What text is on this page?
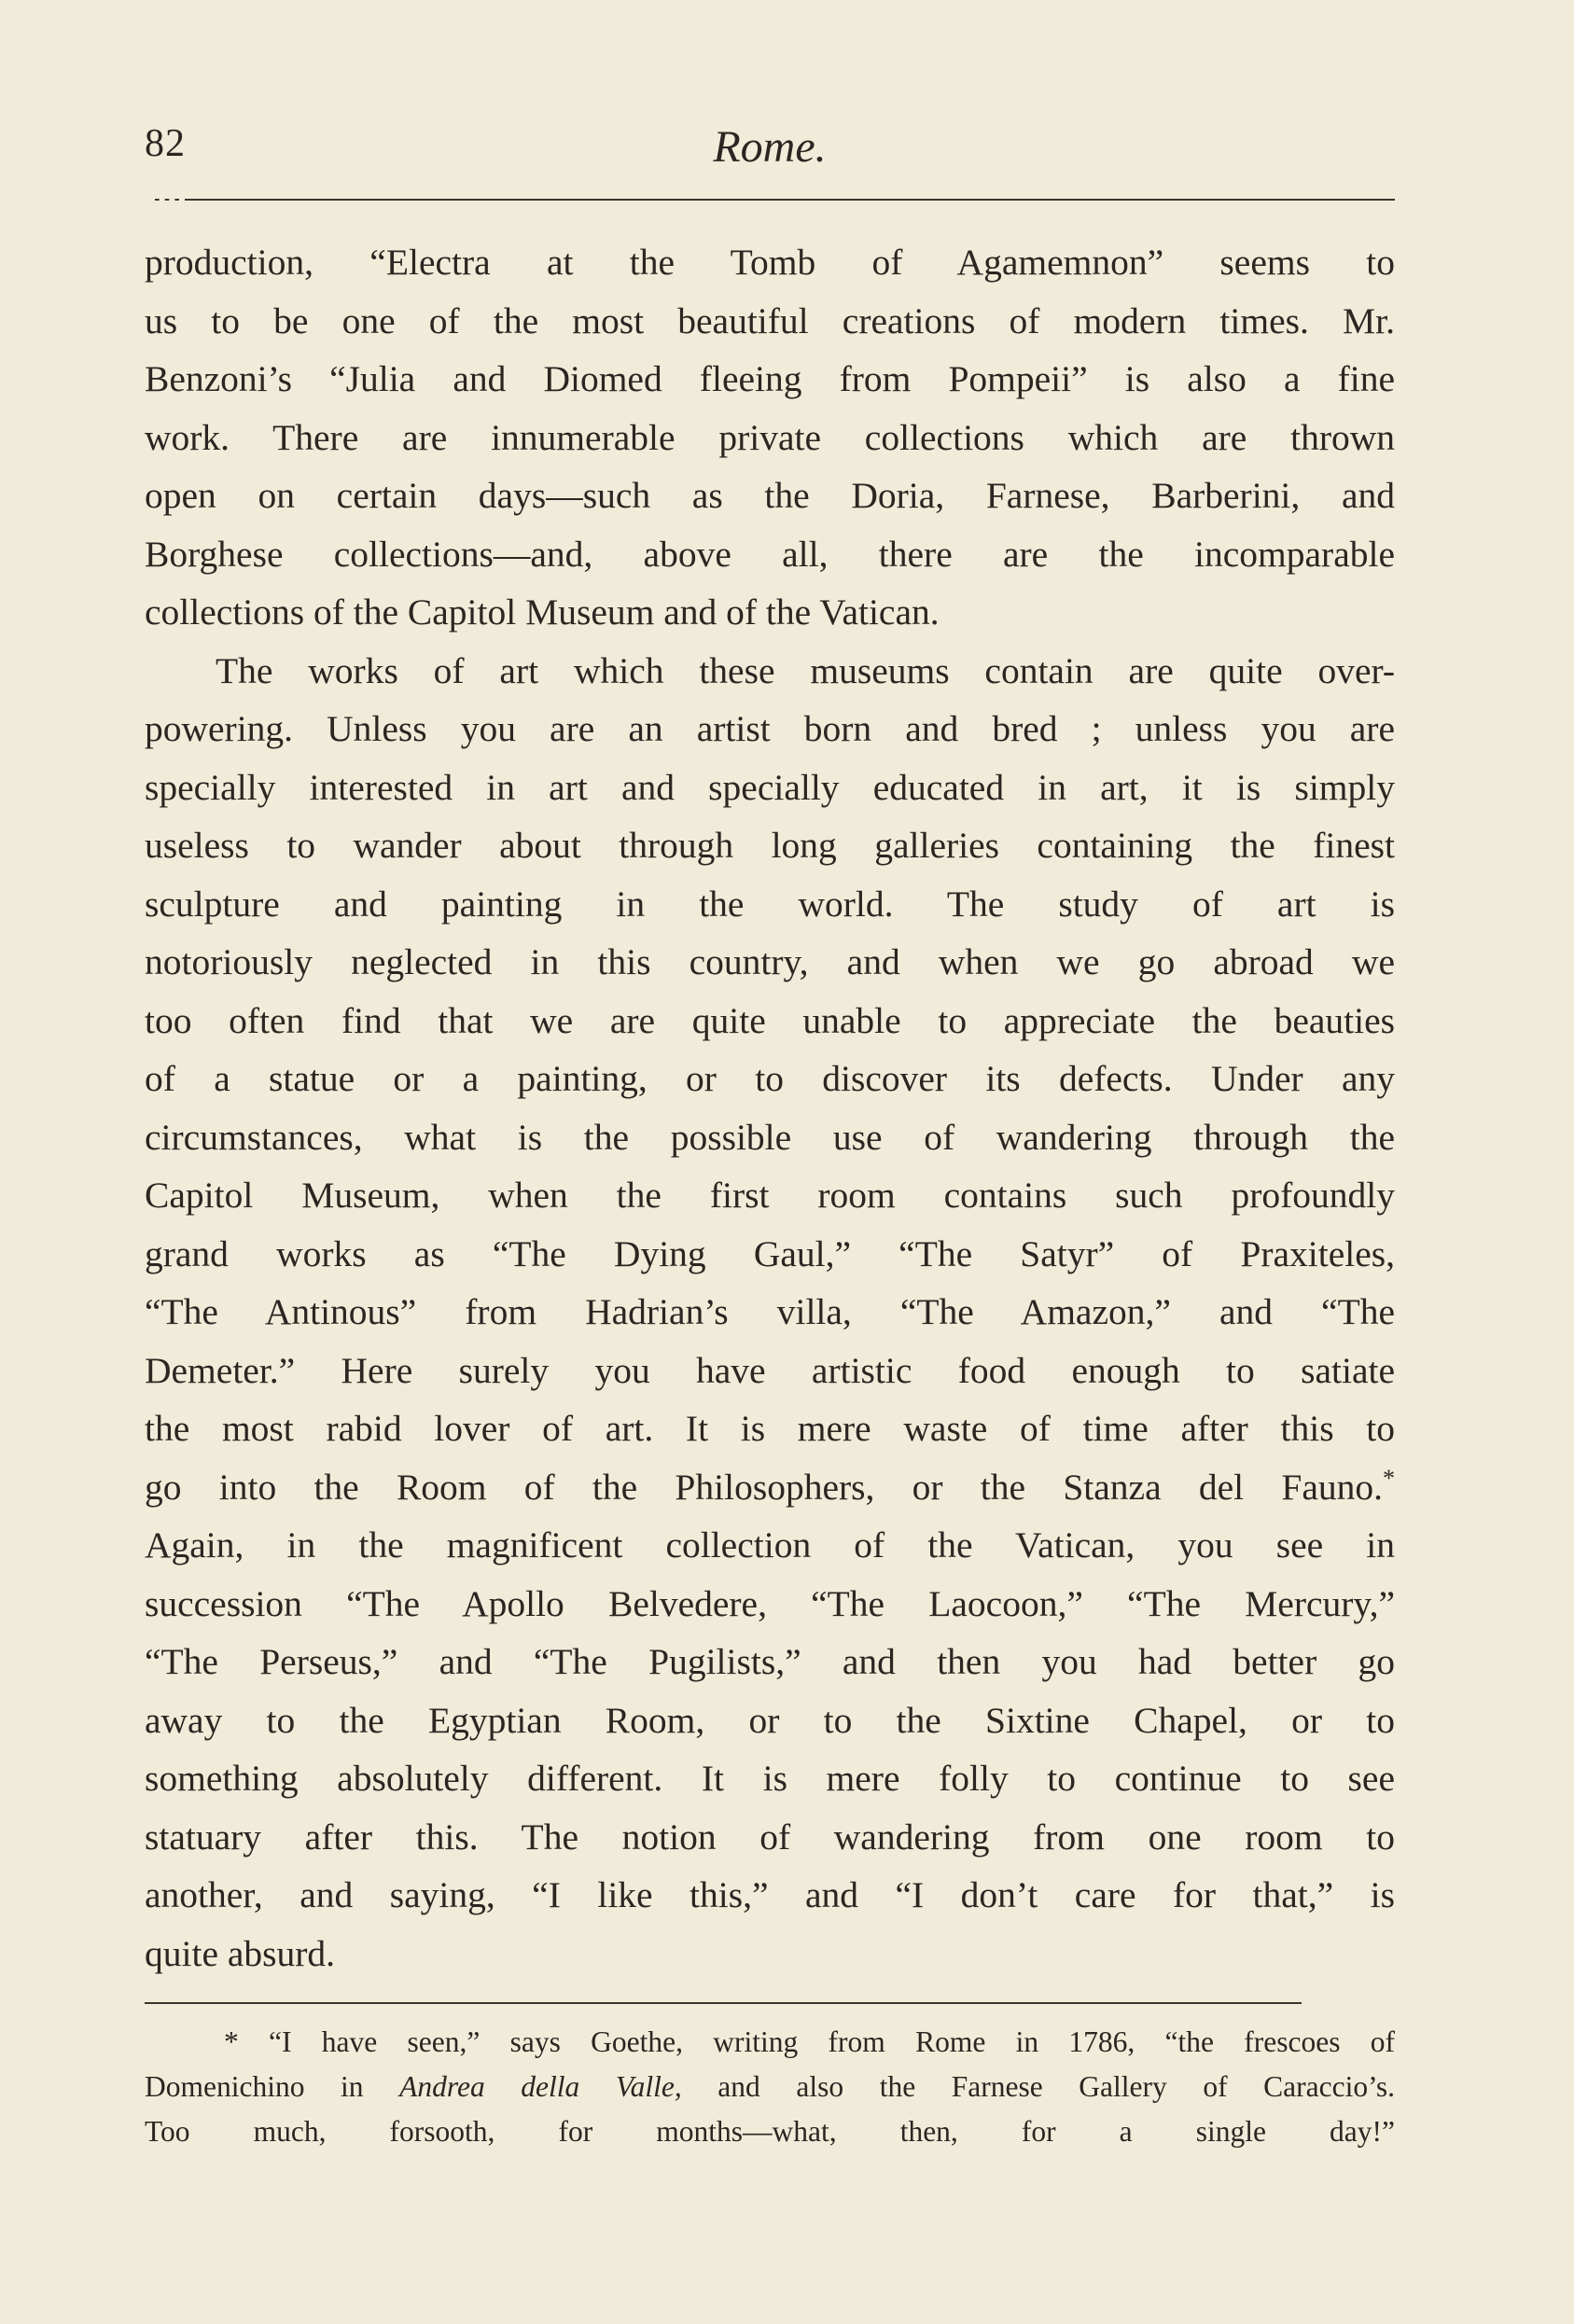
82	Rome.

production, “Electra at the Tomb of Agamemnon” seems to
us to be one of the most beautiful creations of modern times. Mr.
Benzoni’s “Julia and Diomed fleeing from Pompeii” is also a fine
work. There are innumerable private collections which are thrown
open on certain days—such as the Doria, Farnese, Barberini, and
Borghese collections—and, above all, there are the incomparable
collections of the Capitol Museum and of the Vatican.

The works of art which these museums contain are quite over-
powering. Unless you are an artist born and bred ; unless you are
specially interested in art and specially educated in art, it is simply
useless to wander about through long galleries containing the finest
sculpture and painting in the world. The study of art is
notoriously neglected in this country, and when we go abroad we
too often find that we are quite unable to appreciate the beauties
of a statue or a painting, or to discover its defects. Under any
circumstances, what is the possible use of wandering through the
Capitol Museum, when the first room contains such profoundly
grand works as “The Dying Gaul,” “The Satyr” of Praxiteles,
“The Antinous” from Hadrian’s villa, “The Amazon,” and “The
Demeter.” Here surely you have artistic food enough to satiate
the most rabid lover of art. It is mere waste of time after this to
go into the Room of the Philosophers, or the Stanza del Fauno.*
Again, in the magnificent collection of the Vatican, you see in
succession “The Apollo Belvedere, “The Laocoon,” “The Mercury,”
“The Perseus,” and “The Pugilists,” and then you had better go
away to the Egyptian Room, or to the Sixtine Chapel, or to
something absolutely different. It is mere folly to continue to see
statuary after this. The notion of wandering from one room to
another, and saying, “I like this,” and “I don’t care for that,” is
quite absurd.

* “I have seen,” says Goethe, writing from Rome in 1786, “the frescoes of
Domenichino in Andrea della Valle, and also the Farnese Gallery of Caraccio’s.
Too much, forsooth, for months—what, then, for a single day!”
